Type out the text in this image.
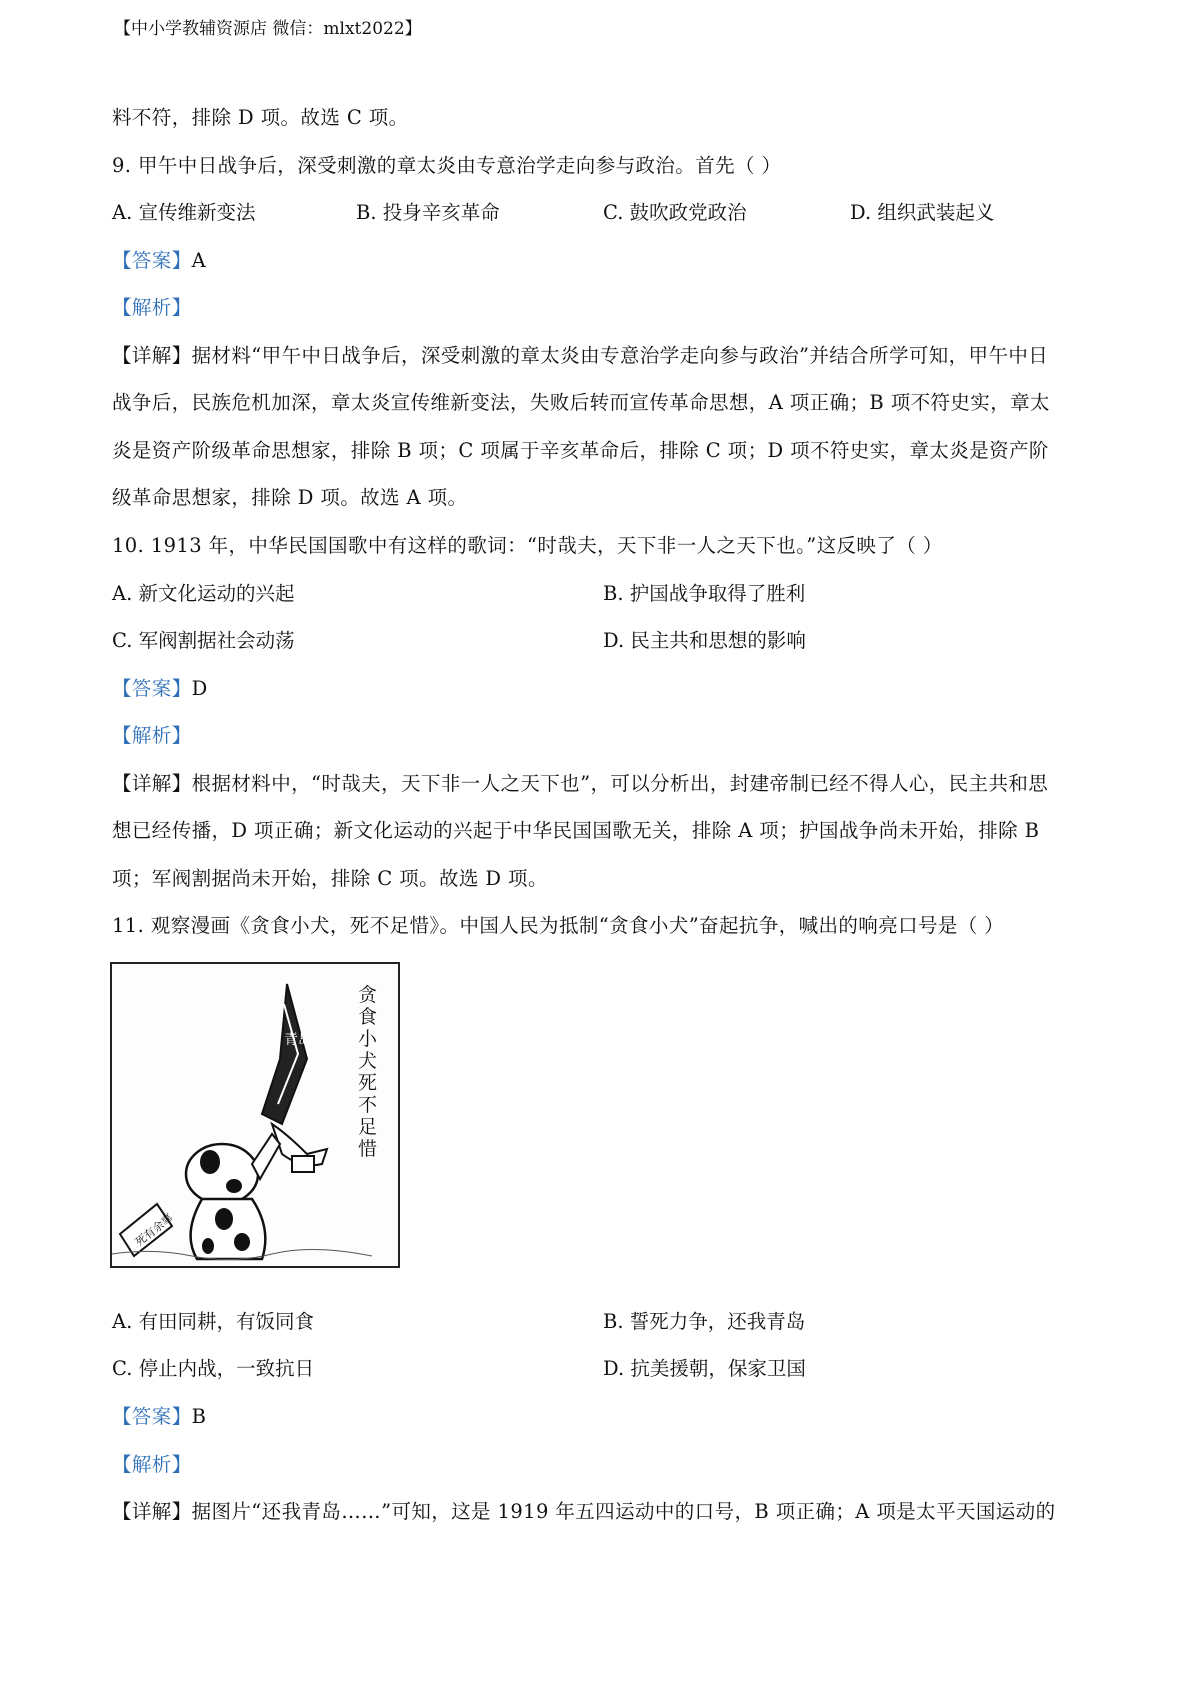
【中小学教辅资源店 微信：mlxt2022】
料不符，排除 D 项。故选 C 项。
9. 甲午中日战争后，深受刺激的章太炎由专意治学走向参与政治。首先（ ）
A. 宣传维新变法	B. 投身辛亥革命	C. 鼓吹政党政治	D. 组织武装起义
【答案】A
【解析】
【详解】据材料“甲午中日战争后，深受刺激的章太炎由专意治学走向参与政治”并结合所学可知，甲午中日
战争后，民族危机加深，章太炎宣传维新变法，失败后转而宣传革命思想，A 项正确；B 项不符史实，章太
炎是资产阶级革命思想家，排除 B 项；C 项属于辛亥革命后，排除 C 项；D 项不符史实，章太炎是资产阶
级革命思想家，排除 D 项。故选 A 项。
10. 1913 年，中华民国国歌中有这样的歌词：“时哉夫，天下非一人之天下也。”这反映了（ ）
A. 新文化运动的兴起	B. 护国战争取得了胜利
C. 军阀割据社会动荡	D. 民主共和思想的影响
【答案】D
【解析】
【详解】根据材料中，“时哉夫，天下非一人之天下也”，可以分析出，封建帝制已经不得人心，民主共和思
想已经传播，D 项正确；新文化运动的兴起于中华民国国歌无关，排除 A 项；护国战争尚未开始，排除 B
项；军阀割据尚未开始，排除 C 项。故选 D 项。
11. 观察漫画《贪食小犬，死不足惜》。中国人民为抵制“贪食小犬”奋起抗争，喊出的响亮口号是（ ）
青岛
死有余辜
贪食小犬死不足惜
A. 有田同耕，有饭同食	B. 誓死力争，还我青岛
C. 停止内战，一致抗日	D. 抗美援朝，保家卫国
【答案】B
【解析】
【详解】据图片“还我青岛……”可知，这是 1919 年五四运动中的口号，B 项正确；A 项是太平天国运动的
